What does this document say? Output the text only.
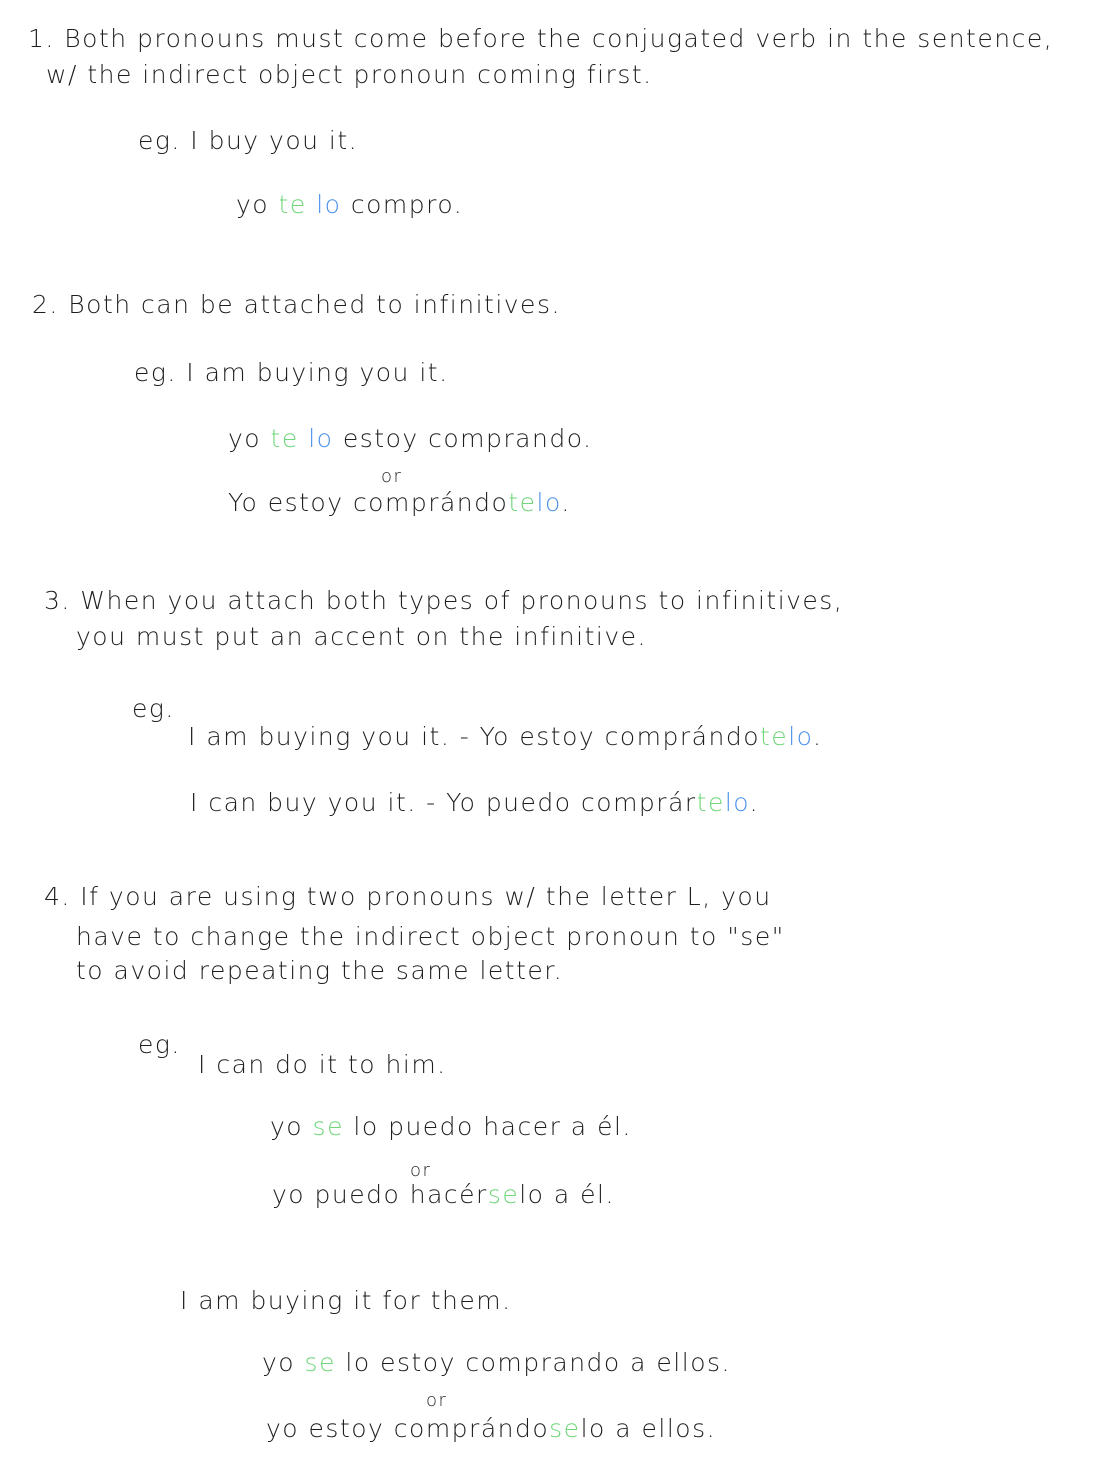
1. Both pronouns must come before the conjugated verb in the sentence,
w/ the indirect object pronoun coming first.
eg. I buy you it.
yo te lo compro.
2. Both can be attached to infinitives.
eg. I am buying you it.
yo te lo estoy comprando.
or
Yo estoy comprándotelo.
3. When you attach both types of pronouns to infinitives,
you must put an accent on the infinitive.
eg.
I am buying you it. - Yo estoy comprándotelo.
I can buy you it. - Yo puedo comprártelo.
4. If you are using two pronouns w/ the letter L, you
have to change the indirect object pronoun to "se"
to avoid repeating the same letter.
eg.
I can do it to him.
yo se lo puedo hacer a él.
or
yo puedo hacérselo a él.
I am buying it for them.
yo se lo estoy comprando a ellos.
or
yo estoy comprándoselo a ellos.
